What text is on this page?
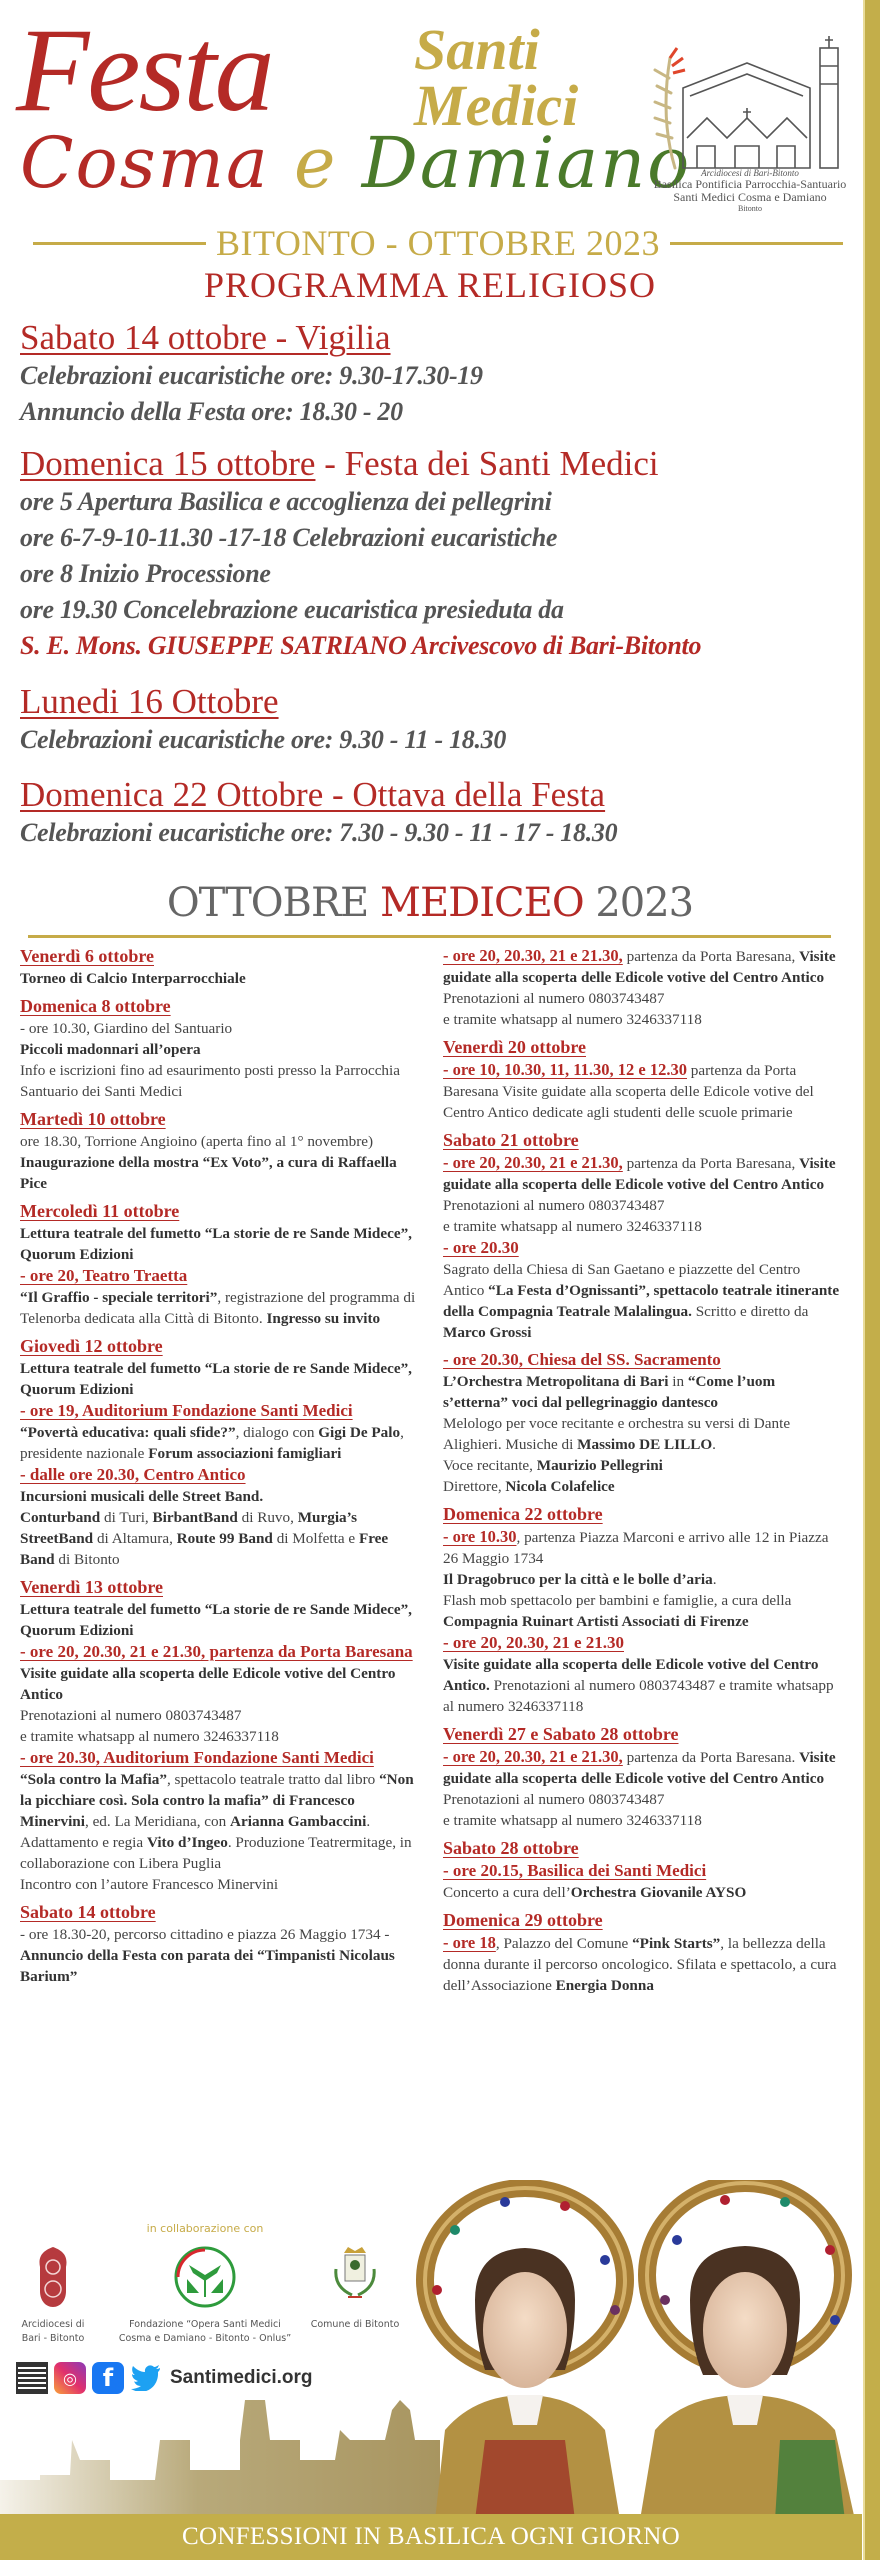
Festa Santi
Medici
Cosma e Damiano	Arcidiocesi di Bari-Bitonto
Basilica Pontificia Parrocchia-Santuario
Santi Medici Cosma e Damiano
Bitonto
BITONTO - OTTOBRE 2023
PROGRAMMA RELIGIOSO
Sabato 14 ottobre - Vigilia
Celebrazioni eucaristiche ore: 9.30-17.30-19
Annuncio della Festa ore: 18.30 - 20
Domenica 15 ottobre - Festa dei Santi Medici
ore 5 Apertura Basilica e accoglienza dei pellegrini
ore 6-7-9-10-11.30 -17-18 Celebrazioni eucaristiche
ore 8 Inizio Processione
ore 19.30 Concelebrazione eucaristica presieduta da
S. E. Mons. GIUSEPPE SATRIANO Arcivescovo di Bari-Bitonto
Lunedi 16 Ottobre
Celebrazioni eucaristiche ore: 9.30 - 11 - 18.30
Domenica 22 Ottobre - Ottava della Festa
Celebrazioni eucaristiche ore: 7.30 - 9.30 - 11 - 17 - 18.30
OTTOBRE MEDICEO 2023
Venerdì 6 ottobre

Torneo di Calcio Interparrocchiale

Domenica 8 ottobre

- ore 10.30, Giardino del Santuario

Piccoli madonnari all’opera

Info e iscrizioni fino ad esaurimento posti presso la Parrocchia Santuario dei Santi Medici

Martedì 10 ottobre

ore 18.30, Torrione Angioino (aperta fino al 1° novembre) Inaugurazione della mostra “Ex Voto”, a cura di Raffaella Pice

Mercoledì 11 ottobre

Lettura teatrale del fumetto “La storie de re Sande Midece”, Quorum Edizioni

- ore 20, Teatro Traetta

“Il Graffio - speciale territori”, registrazione del programma di Telenorba dedicata alla Città di Bitonto. Ingresso su invito

Giovedì 12 ottobre

Lettura teatrale del fumetto “La storie de re Sande Midece”, Quorum Edizioni

- ore 19, Auditorium Fondazione Santi Medici

“Povertà educativa: quali sfide?”, dialogo con Gigi De Palo, presidente nazionale Forum associazioni famigliari

- dalle ore 20.30, Centro Antico

Incursioni musicali delle Street Band.

Conturband di Turi, BirbantBand di Ruvo, Murgia’s StreetBand di Altamura, Route 99 Band di Molfetta e Free Band di Bitonto

Venerdì 13 ottobre

Lettura teatrale del fumetto “La storie de re Sande Midece”, Quorum Edizioni

- ore 20, 20.30, 21 e 21.30, partenza da Porta Baresana

Visite guidate alla scoperta delle Edicole votive del Centro Antico

Prenotazioni al numero 0803743487

e tramite whatsapp al numero 3246337118

- ore 20.30, Auditorium Fondazione Santi Medici

“Sola contro la Mafia”, spettacolo teatrale tratto dal libro “Non la picchiare così. Sola contro la mafia” di Francesco Minervini, ed. La Meridiana, con Arianna Gambaccini. Adattamento e regia Vito d’Ingeo. Produzione Teatrermitage, in collaborazione con Libera Puglia

Incontro con l’autore Francesco Minervini

Sabato 14 ottobre

- ore 18.30-20, percorso cittadino e piazza 26 Maggio 1734 - Annuncio della Festa con parata dei “Timpanisti Nicolaus Barium”

- ore 20, 20.30, 21 e 21.30, partenza da Porta Baresana, Visite guidate alla scoperta delle Edicole votive del Centro Antico

Prenotazioni al numero 0803743487

e tramite whatsapp al numero 3246337118

Venerdì 20 ottobre

- ore 10, 10.30, 11, 11.30, 12 e 12.30 partenza da Porta Baresana Visite guidate alla scoperta delle Edicole votive del Centro Antico dedicate agli studenti delle scuole primarie

Sabato 21 ottobre

- ore 20, 20.30, 21 e 21.30, partenza da Porta Baresana, Visite guidate alla scoperta delle Edicole votive del Centro Antico

Prenotazioni al numero 0803743487

e tramite whatsapp al numero 3246337118

- ore 20.30

Sagrato della Chiesa di San Gaetano e piazzette del Centro Antico “La Festa d’Ognissanti”, spettacolo teatrale itinerante della Compagnia Teatrale Malalingua. Scritto e diretto da Marco Grossi

- ore 20.30, Chiesa del SS. Sacramento

L’Orchestra Metropolitana di Bari in “Come l’uom s’etterna” voci dal pellegrinaggio dantesco

Melologo per voce recitante e orchestra su versi di Dante Alighieri. Musiche di Massimo DE LILLO.

Voce recitante, Maurizio Pellegrini

Direttore, Nicola Colafelice

Domenica 22 ottobre

- ore 10.30, partenza Piazza Marconi e arrivo alle 12 in Piazza 26 Maggio 1734

Il Dragobruco per la città e le bolle d’aria.

Flash mob spettacolo per bambini e famiglie, a cura della Compagnia Ruinart Artisti Associati di Firenze

- ore 20, 20.30, 21 e 21.30

Visite guidate alla scoperta delle Edicole votive del Centro Antico. Prenotazioni al numero 0803743487 e tramite whatsapp al numero 3246337118

Venerdì 27 e Sabato 28 ottobre

- ore 20, 20.30, 21 e 21.30, partenza da Porta Baresana. Visite guidate alla scoperta delle Edicole votive del Centro Antico

Prenotazioni al numero 0803743487

e tramite whatsapp al numero 3246337118

Sabato 28 ottobre
- ore 20.15, Basilica dei Santi Medici

Concerto a cura dell’Orchestra Giovanile AYSO

Domenica 29 ottobre

- ore 18, Palazzo del Comune “Pink Starts”, la bellezza della donna durante il percorso oncologico. Sfilata e spettacolo, a cura dell’Associazione Energia Donna

in collaborazione con
Arcidiocesi di
Bari - Bitonto
Fondazione “Opera Santi Medici
Cosma e Damiano - Bitonto - Onlus”
Comune di Bitonto
◎ f	Santimedici.org
CONFESSIONI IN BASILICA OGNI GIORNO
